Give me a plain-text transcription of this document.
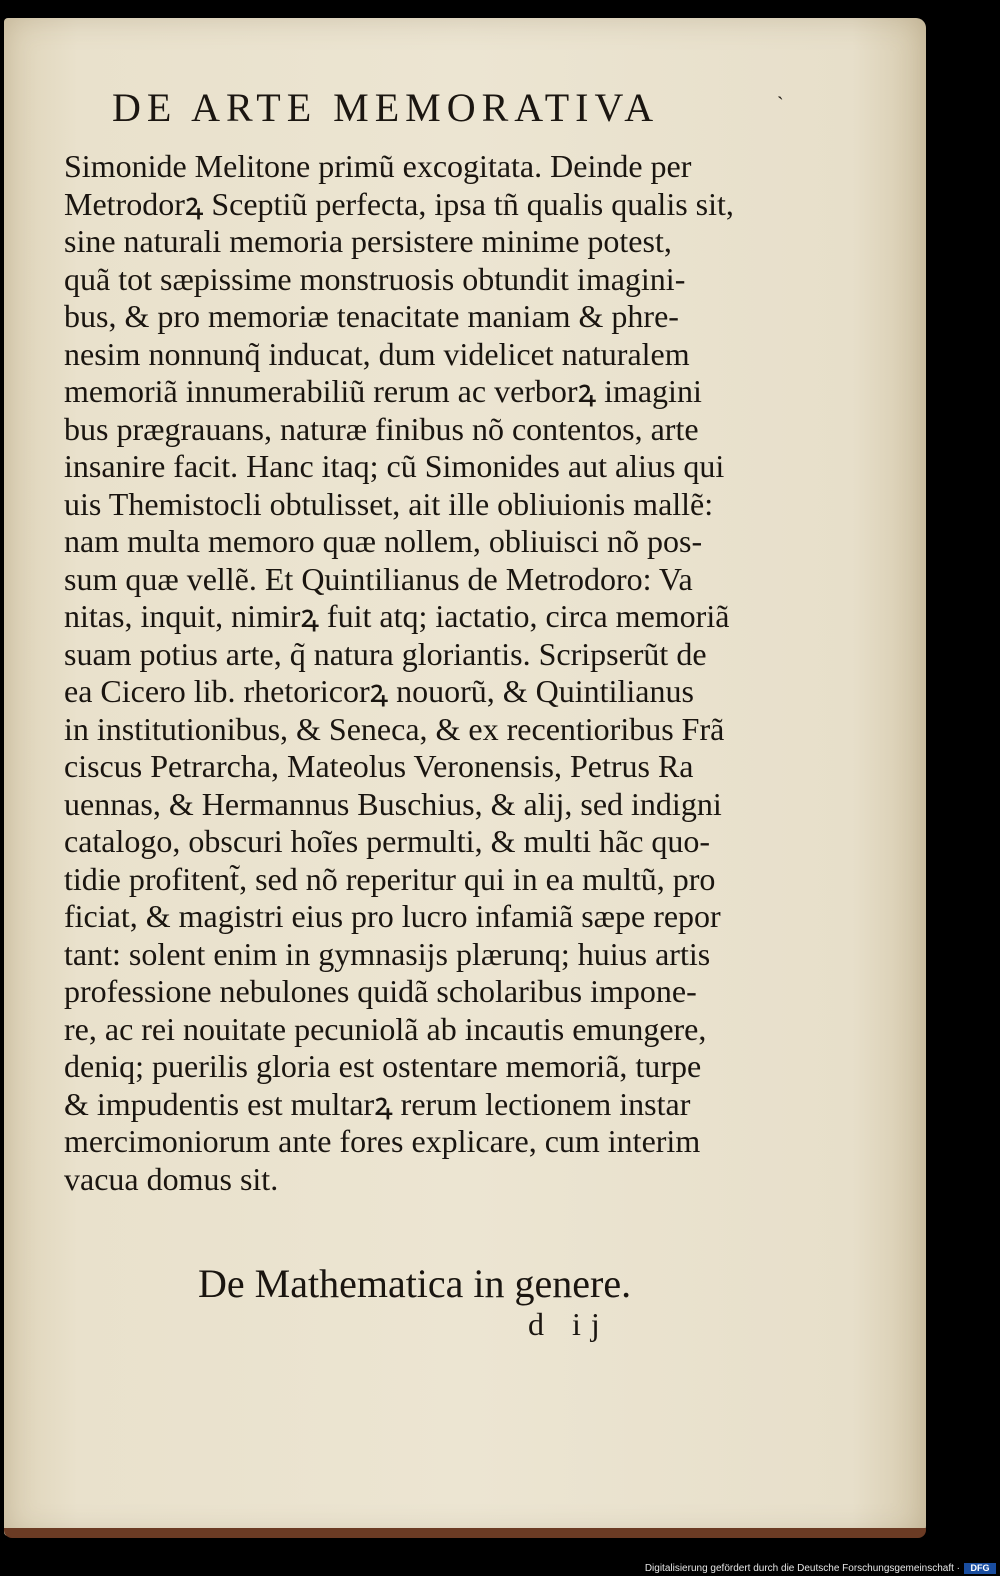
DE ARTE MEMORATIVA	ˎ
Simonide Melitone primũ excogitata. Deinde per
Metrodorꝝ Sceptiũ perfecta, ipsa tñ qualis qualis sit,
sine naturali memoria persistere minime potest,
quã tot sæpissime monstruosis obtundit imagini-
bus, & pro memoriæ tenacitate maniam & phre-
nesim nonnunq̃ inducat, dum videlicet naturalem
memoriã innumerabiliũ rerum ac verborꝝ imagini
bus prægrauans, naturæ finibus nõ contentos, arte
insanire facit. Hanc itaq; cũ Simonides aut alius qui
uis Themistocli obtulisset, ait ille obliuionis mallẽ:
nam multa memoro quæ nollem, obliuisci nõ pos-
sum quæ vellẽ. Et Quintilianus de Metrodoro: Va
nitas, inquit, nimirꝝ fuit atq; iactatio, circa memoriã
suam potius arte, q̃ natura gloriantis. Scripserũt de
ea Cicero lib. rhetoricorꝝ nouorũ, & Quintilianus
in institutionibus, & Seneca, & ex recentioribus Frã
ciscus Petrarcha, Mateolus Veronensis, Petrus Ra
uennas, & Hermannus Buschius, & alij, sed indigni
catalogo, obscuri hoĩes permulti, & multi hãc quo-
tidie profitent̃, sed nõ reperitur qui in ea multũ, pro
ficiat, & magistri eius pro lucro infamiã sæpe repor
tant: solent enim in gymnasijs plærunq; huius artis
professione nebulones quidã scholaribus impone-
re, ac rei nouitate pecuniolã ab incautis emungere,
deniq; puerilis gloria est ostentare memoriã, turpe
& impudentis est multarꝝ rerum lectionem instar
mercimoniorum ante fores explicare, cum interim
vacua domus sit.
De Mathematica in genere.
d ij
Digitalisierung gefördert durch die Deutsche Forschungsgemeinschaft ·	DFG
